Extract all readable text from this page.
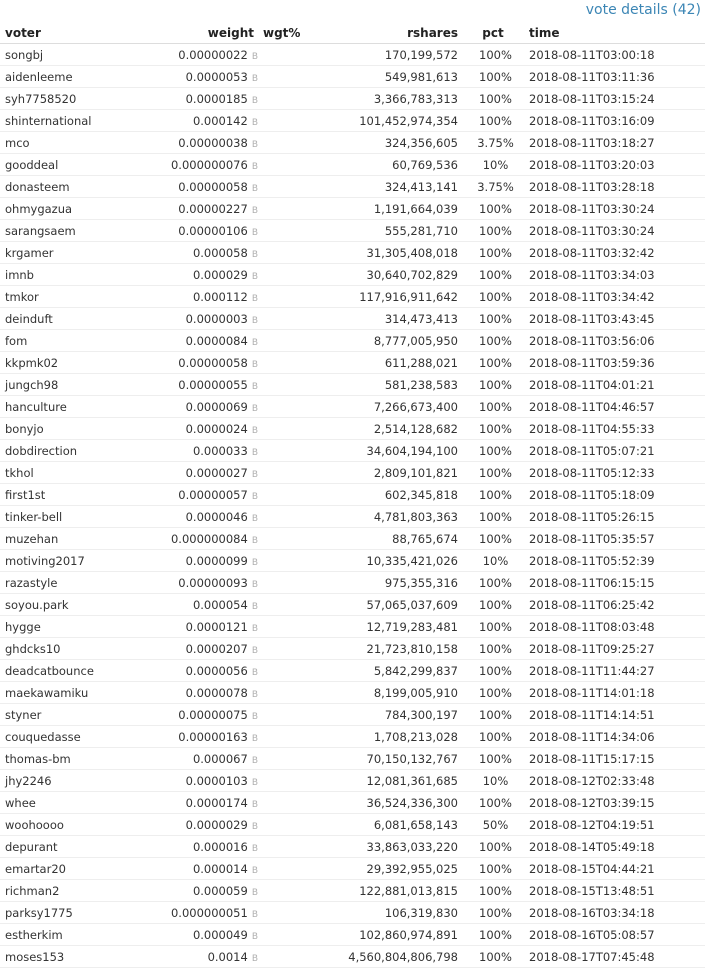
vote details (42)
voter	weight	wgt%	rshares	pct	time
songbj	0.00000022 B		170,199,572	100%	2018-08-11T03:00:18
aidenleeme	0.0000053 B		549,981,613	100%	2018-08-11T03:11:36
syh7758520	0.0000185 B		3,366,783,313	100%	2018-08-11T03:15:24
shinternational	0.000142 B		101,452,974,354	100%	2018-08-11T03:16:09
mco	0.00000038 B		324,356,605	3.75%	2018-08-11T03:18:27
gooddeal	0.000000076 B		60,769,536	10%	2018-08-11T03:20:03
donasteem	0.00000058 B		324,413,141	3.75%	2018-08-11T03:28:18
ohmygazua	0.00000227 B		1,191,664,039	100%	2018-08-11T03:30:24
sarangsaem	0.00000106 B		555,281,710	100%	2018-08-11T03:30:24
krgamer	0.000058 B		31,305,408,018	100%	2018-08-11T03:32:42
imnb	0.000029 B		30,640,702,829	100%	2018-08-11T03:34:03
tmkor	0.000112 B		117,916,911,642	100%	2018-08-11T03:34:42
deinduft	0.0000003 B		314,473,413	100%	2018-08-11T03:43:45
fom	0.0000084 B		8,777,005,950	100%	2018-08-11T03:56:06
kkpmk02	0.00000058 B		611,288,021	100%	2018-08-11T03:59:36
jungch98	0.00000055 B		581,238,583	100%	2018-08-11T04:01:21
hanculture	0.0000069 B		7,266,673,400	100%	2018-08-11T04:46:57
bonyjo	0.0000024 B		2,514,128,682	100%	2018-08-11T04:55:33
dobdirection	0.000033 B		34,604,194,100	100%	2018-08-11T05:07:21
tkhol	0.0000027 B		2,809,101,821	100%	2018-08-11T05:12:33
first1st	0.00000057 B		602,345,818	100%	2018-08-11T05:18:09
tinker-bell	0.0000046 B		4,781,803,363	100%	2018-08-11T05:26:15
muzehan	0.000000084 B		88,765,674	100%	2018-08-11T05:35:57
motiving2017	0.0000099 B		10,335,421,026	10%	2018-08-11T05:52:39
razastyle	0.00000093 B		975,355,316	100%	2018-08-11T06:15:15
soyou.park	0.000054 B		57,065,037,609	100%	2018-08-11T06:25:42
hygge	0.0000121 B		12,719,283,481	100%	2018-08-11T08:03:48
ghdcks10	0.0000207 B		21,723,810,158	100%	2018-08-11T09:25:27
deadcatbounce	0.0000056 B		5,842,299,837	100%	2018-08-11T11:44:27
maekawamiku	0.0000078 B		8,199,005,910	100%	2018-08-11T14:01:18
styner	0.00000075 B		784,300,197	100%	2018-08-11T14:14:51
couquedasse	0.00000163 B		1,708,213,028	100%	2018-08-11T14:34:06
thomas-bm	0.000067 B		70,150,132,767	100%	2018-08-11T15:17:15
jhy2246	0.0000103 B		12,081,361,685	10%	2018-08-12T02:33:48
whee	0.0000174 B		36,524,336,300	100%	2018-08-12T03:39:15
woohoooo	0.0000029 B		6,081,658,143	50%	2018-08-12T04:19:51
depurant	0.000016 B		33,863,033,220	100%	2018-08-14T05:49:18
emartar20	0.000014 B		29,392,955,025	100%	2018-08-15T04:44:21
richman2	0.000059 B		122,881,013,815	100%	2018-08-15T13:48:51
parksy1775	0.000000051 B		106,319,830	100%	2018-08-16T03:34:18
estherkim	0.000049 B		102,860,974,891	100%	2018-08-16T05:08:57
moses153	0.0014 B		4,560,804,806,798	100%	2018-08-17T07:45:48
